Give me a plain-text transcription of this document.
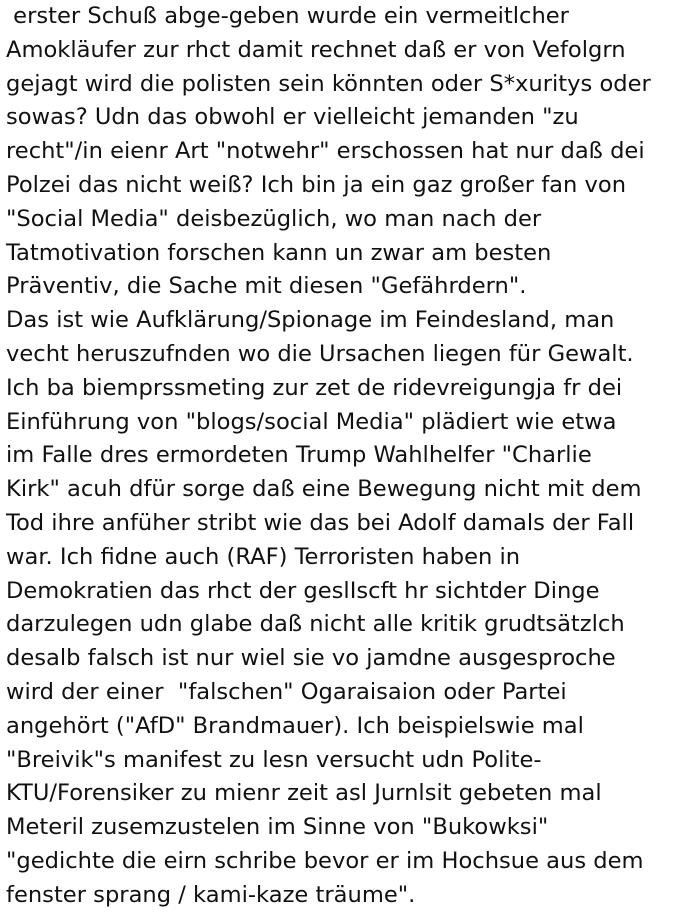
erster Schuß abge-geben wurde ein vermeitlcher
Amokläufer zur rhct damit rechnet daß er von Vefolgrn
gejagt wird die polisten sein könnten oder S*xuritys oder
sowas? Udn das obwohl er vielleicht jemanden "zu
recht"/in eienr Art "notwehr" erschossen hat nur daß dei
Polzei das nicht weiß? Ich bin ja ein gaz großer fan von
"Social Media" deisbezüglich, wo man nach der
Tatmotivation forschen kann un zwar am besten
Präventiv, die Sache mit diesen "Gefährdern".
Das ist wie Aufklärung/Spionage im Feindesland, man
vecht heruszufnden wo die Ursachen liegen für Gewalt.
Ich ba biemprssmeting zur zet de ridevreigungja fr dei
Einführung von "blogs/social Media" plädiert wie etwa
im Falle dres ermordeten Trump Wahlhelfer "Charlie
Kirk" acuh dfür sorge daß eine Bewegung nicht mit dem
Tod ihre anfüher stribt wie das bei Adolf damals der Fall
war. Ich fidne auch (RAF) Terroristen haben in
Demokratien das rhct der geslIscft hr sichtder Dinge
darzulegen udn glabe daß nicht alle kritik grudtsätzlch
desalb falsch ist nur wiel sie vo jamdne ausgesproche
wird der einer  "falschen" Ogaraisaion oder Partei
angehört ("AfD" Brandmauer). Ich beispielswie mal
"Breivik"s manifest zu lesn versucht udn Polite-
KTU/Forensiker zu mienr zeit asl Jurnlsit gebeten mal
Meteril zusemzustelen im Sinne von "Bukowksi"
"gedichte die eirn schribe bevor er im Hochsue aus dem
fenster sprang / kami-kaze träume".
